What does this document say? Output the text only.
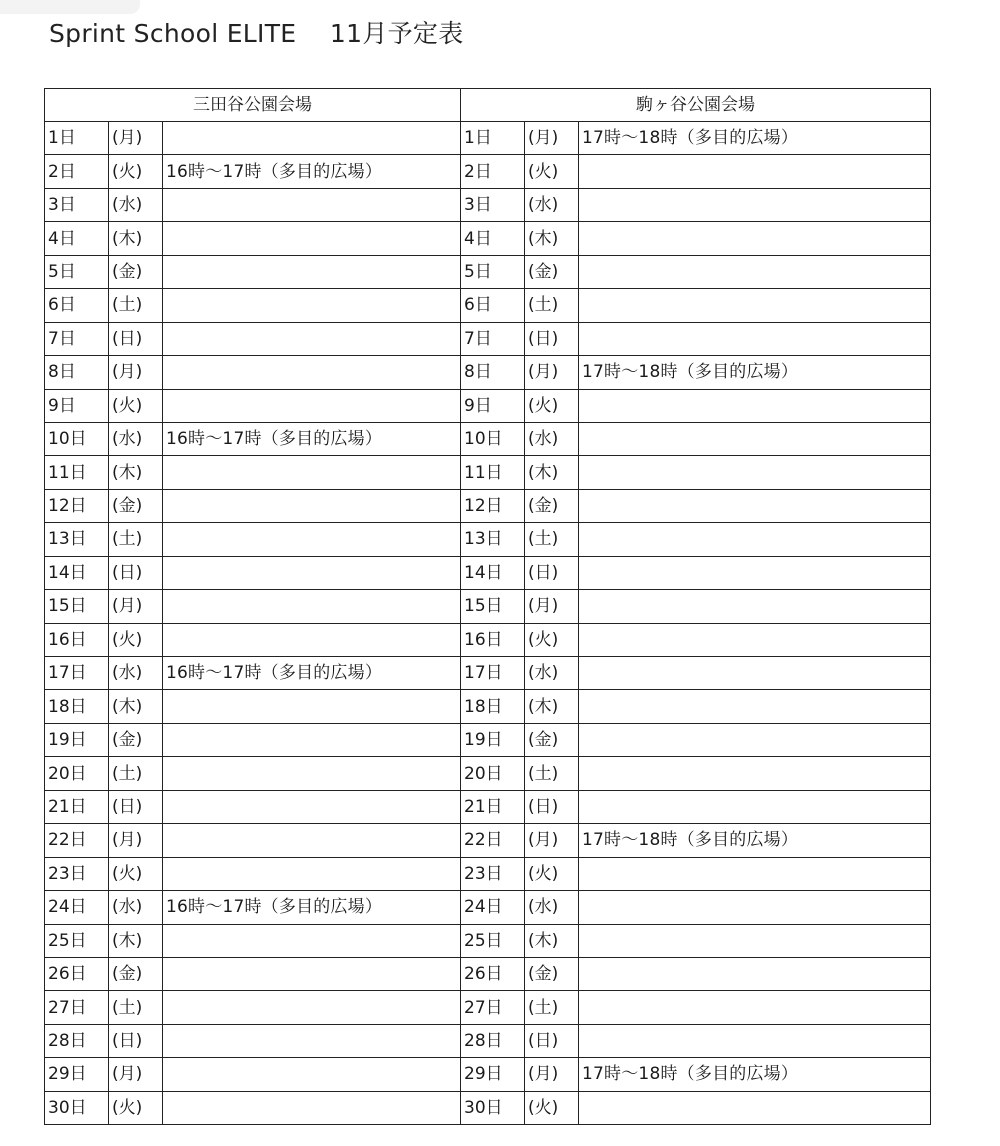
Sprint School ELITE　 11月予定表
三田谷公園会場			駒ヶ谷公園会場		
1日	(月)		1日	(月)	17時〜18時（多目的広場）
2日	(火)	16時〜17時（多目的広場）	2日	(火)	
3日	(水)		3日	(水)	
4日	(木)		4日	(木)	
5日	(金)		5日	(金)	
6日	(土)		6日	(土)	
7日	(日)		7日	(日)	
8日	(月)		8日	(月)	17時〜18時（多目的広場）
9日	(火)		9日	(火)	
10日	(水)	16時〜17時（多目的広場）	10日	(水)	
11日	(木)		11日	(木)	
12日	(金)		12日	(金)	
13日	(土)		13日	(土)	
14日	(日)		14日	(日)	
15日	(月)		15日	(月)	
16日	(火)		16日	(火)	
17日	(水)	16時〜17時（多目的広場）	17日	(水)	
18日	(木)		18日	(木)	
19日	(金)		19日	(金)	
20日	(土)		20日	(土)	
21日	(日)		21日	(日)	
22日	(月)		22日	(月)	17時〜18時（多目的広場）
23日	(火)		23日	(火)	
24日	(水)	16時〜17時（多目的広場）	24日	(水)	
25日	(木)		25日	(木)	
26日	(金)		26日	(金)	
27日	(土)		27日	(土)	
28日	(日)		28日	(日)	
29日	(月)		29日	(月)	17時〜18時（多目的広場）
30日	(火)		30日	(火)	
